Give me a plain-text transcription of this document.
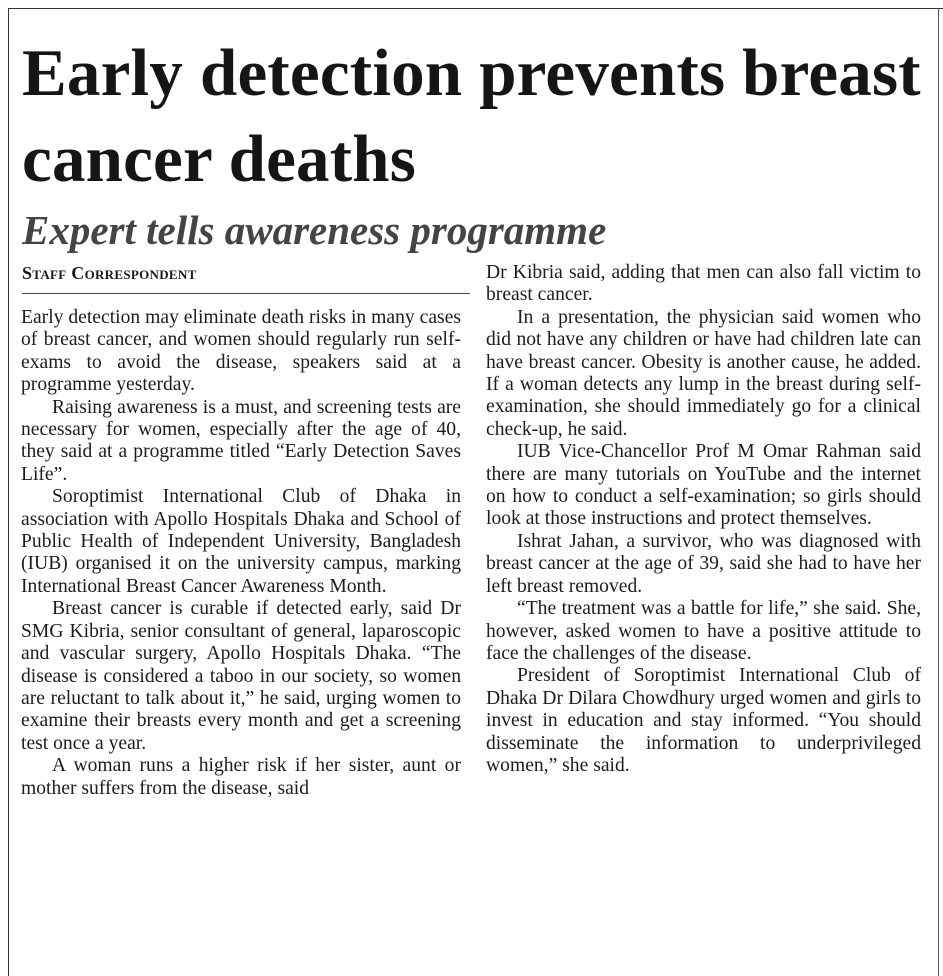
Early detection prevents breast cancer deaths
Expert tells awareness programme
Staff Correspondent

Early detection may eliminate death risks in many cases of breast cancer, and women should regularly run self-exams to avoid the disease, speakers said at a programme yesterday.

Raising awareness is a must, and screening tests are necessary for women, especially after the age of 40, they said at a programme titled “Early Detection Saves Life”.

Soroptimist International Club of Dhaka in association with Apollo Hospitals Dhaka and School of Public Health of Independent University, Bangladesh (IUB) organised it on the university campus, marking International Breast Cancer Awareness Month.

Breast cancer is curable if detected early, said Dr SMG Kibria, senior consultant of general, laparoscopic and vascular surgery, Apollo Hospitals Dhaka. “The disease is considered a taboo in our society, so women are reluctant to talk about it,” he said, urging women to examine their breasts every month and get a screening test once a year.

A woman runs a higher risk if her sister, aunt or mother suffers from the disease, said

Dr Kibria said, adding that men can also fall victim to breast cancer.

In a presentation, the physician said women who did not have any children or have had children late can have breast cancer. Obesity is another cause, he added. If a woman detects any lump in the breast during self-examination, she should immediately go for a clinical check-up, he said.

IUB Vice-Chancellor Prof M Omar Rahman said there are many tutorials on YouTube and the internet on how to conduct a self-examination; so girls should look at those instructions and protect themselves.

Ishrat Jahan, a survivor, who was diagnosed with breast cancer at the age of 39, said she had to have her left breast removed.

“The treatment was a battle for life,” she said. She, however, asked women to have a positive attitude to face the challenges of the disease.

President of Soroptimist International Club of Dhaka Dr Dilara Chowdhury urged women and girls to invest in education and stay informed. “You should disseminate the information to underprivileged women,” she said.
